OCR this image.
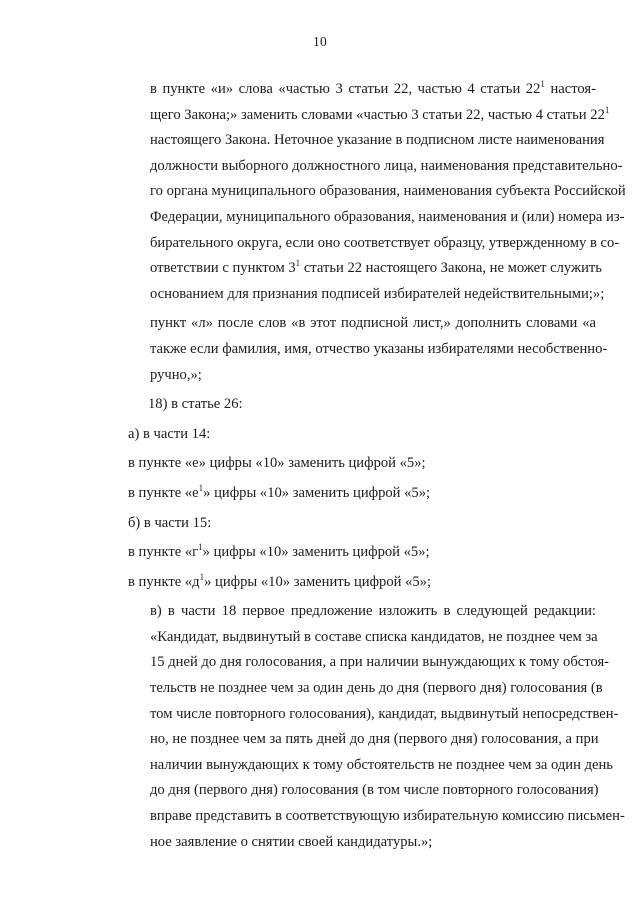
10
в пункте «и» слова «частью 3 статьи 22, частью 4 статьи $22^1$ настоя-
щего Закона;» заменить словами «частью 3 статьи 22, частью 4 статьи $22^1$
настоящего Закона. Неточное указание в подписном листе наименования
должности выборного должностного лица, наименования представительно-
го органа муниципального образования, наименования субъекта Российской
Федерации, муниципального образования, наименования и (или) номера из-
бирательного округа, если оно соответствует образцу, утвержденному в со-
ответствии с пунктом $3^1$ статьи 22 настоящего Закона, не может служить
основанием для признания подписей избирателей недействительными;»;
пункт «л» после слов «в этот подписной лист,» дополнить словами «а
также если фамилия, имя, отчество указаны избирателями несобственно-
ручно,»;
18) в статье 26:
а) в части 14:
в пункте «е» цифры «10» заменить цифрой «5»;
в пункте «$е^1$» цифры «10» заменить цифрой «5»;
б) в части 15:
в пункте «$г^1$» цифры «10» заменить цифрой «5»;
в пункте «$д^1$» цифры «10» заменить цифрой «5»;
в) в части 18 первое предложение изложить в следующей редакции:
«Кандидат, выдвинутый в составе списка кандидатов, не позднее чем за
15 дней до дня голосования, а при наличии вынуждающих к тому обстоя-
тельств не позднее чем за один день до дня (первого дня) голосования (в
том числе повторного голосования), кандидат, выдвинутый непосредствен-
но, не позднее чем за пять дней до дня (первого дня) голосования, а при
наличии вынуждающих к тому обстоятельств не позднее чем за один день
до дня (первого дня) голосования (в том числе повторного голосования)
вправе представить в соответствующую избирательную комиссию письмен-
ное заявление о снятии своей кандидатуры.»;
